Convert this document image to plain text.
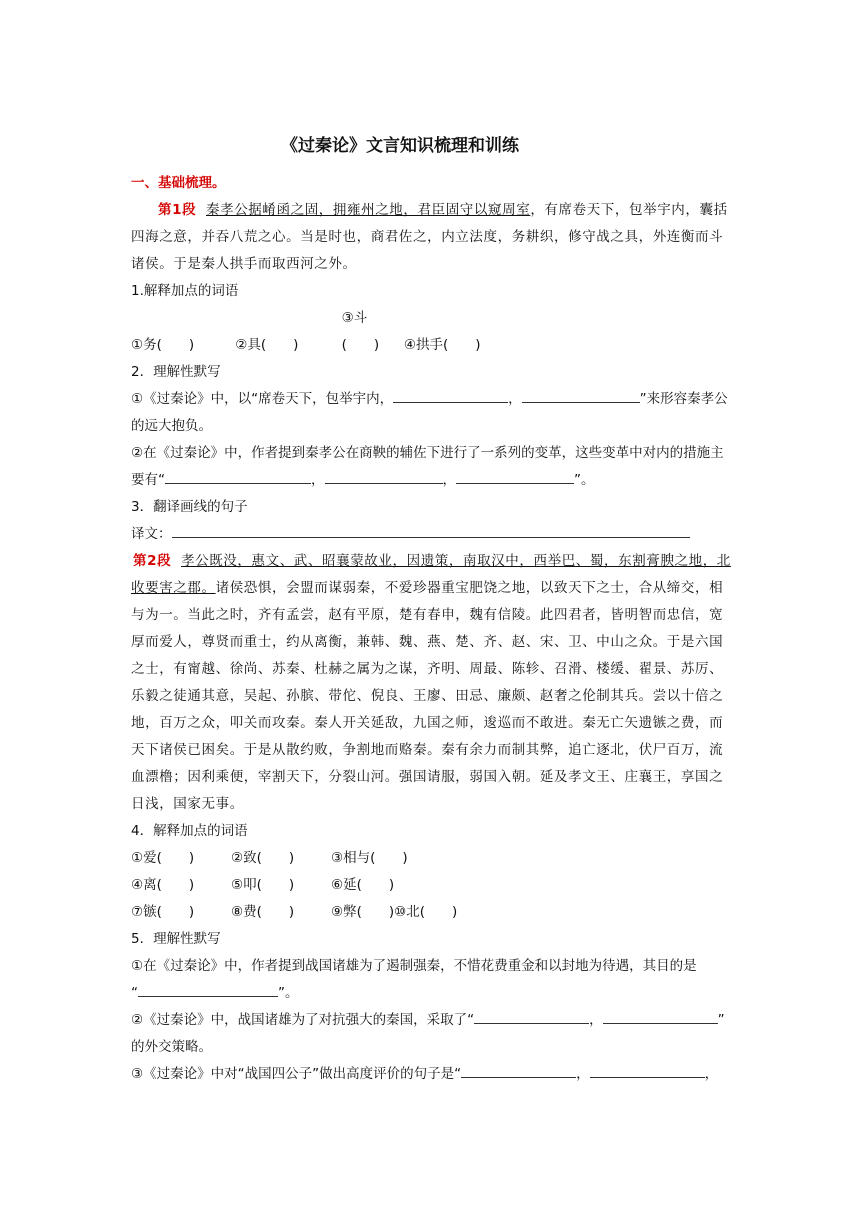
《过秦论》文言知识梳理和训练

一、基础梳理。

第1段 秦孝公据崤函之固，拥雍州之地，君臣固守以窥周室，有席卷天下，包举宇内，囊括四海之意，并吞八荒之心。当是时也，商君佐之，内立法度，务耕织，修守战之具，外连衡而斗诸侯。于是秦人拱手而取西河之外。

1.解释加点的词语

①务(　　)	②具(　　) ③斗(　　) ④拱手(　　)

2．理解性默写

①《过秦论》中，以“席卷天下，包举宇内，	，	”来形容秦孝公的远大抱负。

②在《过秦论》中，作者提到秦孝公在商鞅的辅佐下进行了一系列的变革，这些变革中对内的措施主要有“	，	，	”。

3．翻译画线的句子

译文：

第2段 孝公既没，惠文、武、昭襄蒙故业，因遗策，南取汉中，西举巴、蜀，东割膏腴之地，北收要害之郡。诸侯恐惧，会盟而谋弱秦，不爱珍器重宝肥饶之地，以致天下之士，合从缔交，相与为一。当此之时，齐有孟尝，赵有平原，楚有春申，魏有信陵。此四君者，皆明智而忠信，宽厚而爱人，尊贤而重士，约从离衡，兼韩、魏、燕、楚、齐、赵、宋、卫、中山之众。于是六国之士，有甯越、徐尚、苏秦、杜赫之属为之谋，齐明、周最、陈轸、召滑、楼缓、翟景、苏厉、乐毅之徒通其意，吴起、孙膑、带佗、倪良、王廖、田忌、廉颇、赵奢之伦制其兵。尝以十倍之地，百万之众，叩关而攻秦。秦人开关延敌，九国之师，逡巡而不敢进。秦无亡矢遗镞之费，而天下诸侯已困矣。于是从散约败，争割地而赂秦。秦有余力而制其弊，追亡逐北，伏尸百万，流血漂橹；因利乘便，宰割天下，分裂山河。强国请服，弱国入朝。延及孝文王、庄襄王，享国之日浅，国家无事。

4．解释加点的词语

①爱(　　)	②致(　　)	③相与(　　)

④离(　　)	⑤叩(　　)	⑥延(　　)

⑦镞(　　)	⑧费(　　)	⑨弊(　　)⑩北(　　)

5．理解性默写

①在《过秦论》中，作者提到战国诸雄为了遏制强秦，不惜花费重金和以封地为待遇，其目的是
“	”。

②《过秦论》中，战国诸雄为了对抗强大的秦国，采取了“	，	”
的外交策略。

③《过秦论》中对“战国四公子”做出高度评价的句子是“	，	，
